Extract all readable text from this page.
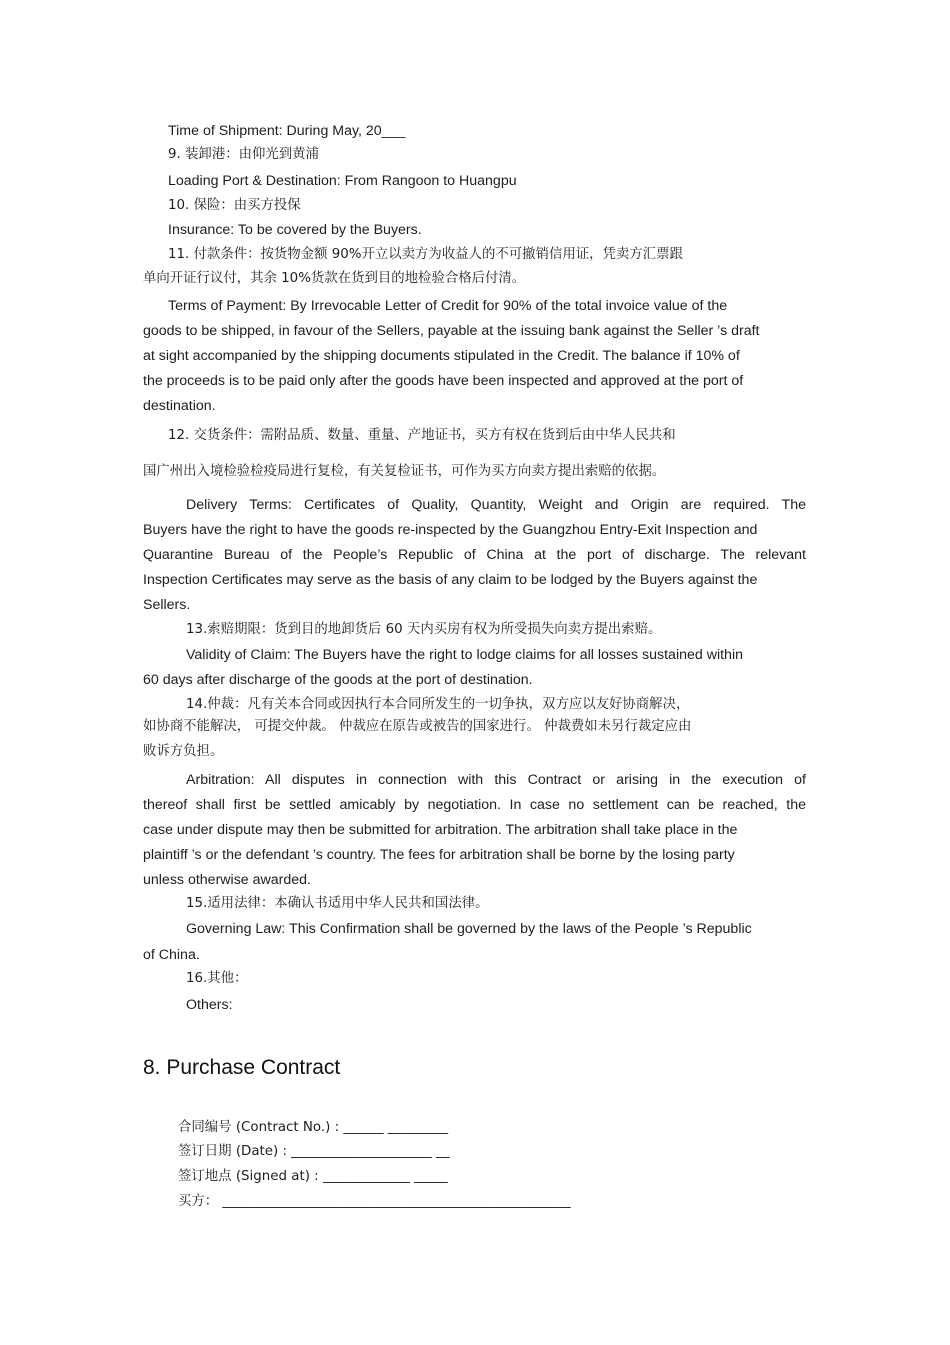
Time of Shipment: During May, 20___
9. 装卸港：由仰光到黄浦
Loading Port & Destination: From Rangoon to Huangpu
10. 保险：由买方投保
Insurance: To be covered by the Buyers.
11. 付款条件：按货物金额 90%开立以卖方为收益人的不可撤销信用证，凭卖方汇票跟
单向开证行议付，其余 10%货款在货到目的地检验合格后付清。
Terms of Payment: By Irrevocable Letter of Credit for 90% of the total invoice value of the
goods to be shipped, in favour of the Sellers, payable at the issuing bank against the Seller ’s draft
at sight accompanied by the shipping documents stipulated in the Credit. The balance if 10% of
the proceeds is to be paid only after the goods have been inspected and approved at the port of
destination.
12. 交货条件：需附品质、数量、重量、产地证书，买方有权在货到后由中华人民共和
国广州出入境检验检疫局进行复检，有关复检证书，可作为买方向卖方提出索赔的依据。
Delivery Terms: Certificates of Quality, Quantity, Weight and Origin are required. The
Buyers have the right to have the goods re-inspected by the Guangzhou Entry-Exit Inspection and
Quarantine Bureau of the People’s Republic of China at the port of discharge. The relevant
Inspection Certificates may serve as the basis of any claim to be lodged by the Buyers against the
Sellers.
13.索赔期限：货到目的地卸货后 60 天内买房有权为所受损失向卖方提出索赔。
Validity of Claim: The Buyers have the right to lodge claims for all losses sustained within
60 days after discharge of the goods at the port of destination.
14.仲裁：凡有关本合同或因执行本合同所发生的一切争执，双方应以友好协商解决，
如协商不能解决， 可提交仲裁。 仲裁应在原告或被告的国家进行。 仲裁费如未另行裁定应由
败诉方负担。
Arbitration: All disputes in connection with this Contract or arising in the execution of
thereof shall first be settled amicably by negotiation. In case no settlement can be reached, the
case under dispute may then be submitted for arbitration. The arbitration shall take place in the
plaintiff ’s or the defendant ’s country. The fees for arbitration shall be borne by the losing party
unless otherwise awarded.
15.适用法律：本确认书适用中华人民共和国法律。
Governing Law: This Confirmation shall be governed by the laws of the People ’s Republic
of China.
16.其他：
Others:
8. Purchase Contract
合同编号 (Contract No.) : ______ _________
签订日期 (Date) : _____________________ __
签订地点 (Signed at) : _____________ _____
买方： ____________________________________________________
